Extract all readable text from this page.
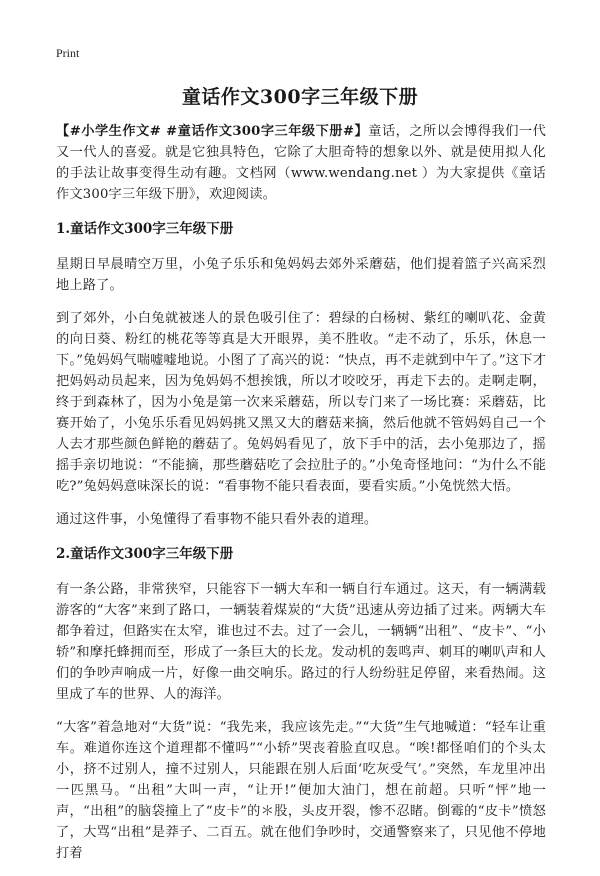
Print
童话作文300字三年级下册

【#小学生作文# #童话作文300字三年级下册#】童话，之所以会博得我们一代又一代人的喜爱。就是它独具特色，它除了大胆奇特的想象以外、就是使用拟人化的手法让故事变得生动有趣。文档网（www.wendang.net ）为大家提供《童话作文300字三年级下册》，欢迎阅读。

1.童话作文300字三年级下册

星期日早晨晴空万里，小兔子乐乐和兔妈妈去郊外采蘑菇，他们提着篮子兴高采烈地上路了。

到了郊外，小白兔就被迷人的景色吸引住了：碧绿的白杨树、紫红的喇叭花、金黄的向日葵、粉红的桃花等等真是大开眼界，美不胜收。“走不动了，乐乐，休息一下。”兔妈妈气喘嘘嘘地说。小图了了高兴的说：“快点，再不走就到中午了。”这下才把妈妈动员起来，因为兔妈妈不想挨饿，所以才咬咬牙，再走下去的。走啊走啊，终于到森林了，因为小兔是第一次来采蘑菇，所以专门来了一场比赛：采蘑菇，比赛开始了，小兔乐乐看见妈妈挑又黑又大的蘑菇来摘，然后他就不管妈妈自己一个人去才那些颜色鲜艳的蘑菇了。兔妈妈看见了，放下手中的活，去小兔那边了，摇摇手亲切地说：“不能摘，那些蘑菇吃了会拉肚子的。”小兔奇怪地问：“为什么不能吃?”兔妈妈意味深长的说：“看事物不能只看表面，要看实质。”小兔恍然大悟。

通过这件事，小兔懂得了看事物不能只看外表的道理。

2.童话作文300字三年级下册

有一条公路，非常狭窄，只能容下一辆大车和一辆自行车通过。这天，有一辆满载游客的“大客”来到了路口，一辆装着煤炭的“大货”迅速从旁边插了过来。两辆大车都争着过，但路实在太窄，谁也过不去。过了一会儿，一辆辆“出租”、“皮卡”、“小轿”和摩托蜂拥而至，形成了一条巨大的长龙。发动机的轰鸣声、刺耳的喇叭声和人们的争吵声响成一片，好像一曲交响乐。路过的行人纷纷驻足停留，来看热闹。这里成了车的世界、人的海洋。

“大客”着急地对“大货”说：“我先来，我应该先走。”“大货”生气地喊道：“轻车让重车。难道你连这个道理都不懂吗”“小轿”哭丧着脸直叹息。“唉!都怪咱们的个头太小，挤不过别人，撞不过别人，只能跟在别人后面‘吃灰受气’。”突然，车龙里冲出一匹黑马。“出租”大叫一声，“让开!”便加大油门，想在前超。只听“怦”地一声，“出租”的脑袋撞上了“皮卡”的＊股，头皮开裂，惨不忍睹。倒霉的“皮卡”愤怒了，大骂“出租”是莽子、二百五。就在他们争吵时，交通警察来了，只见他不停地打着
